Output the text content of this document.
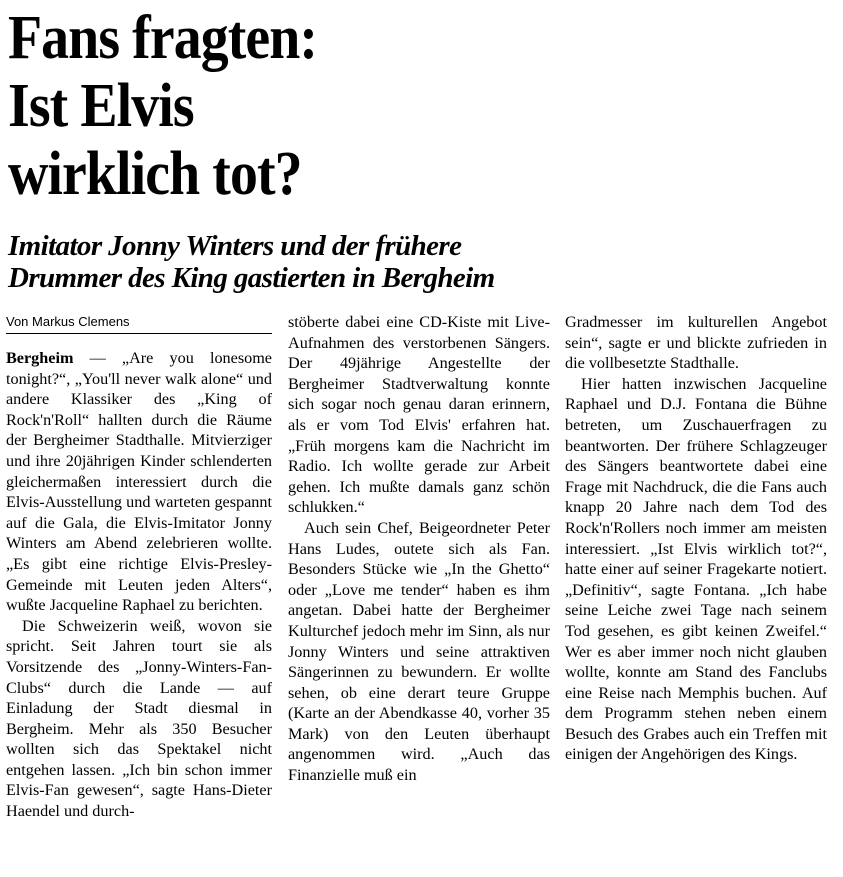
Fans fragten:
Ist Elvis
wirklich tot?
Imitator Jonny Winters und der frühere
Drummer des King gastierten in Bergheim
Von Markus Clemens

Bergheim — „Are you lonesome tonight?“, „You'll never walk alone“ und andere Klassiker des „King of Rock'n'Roll“ hallten durch die Räume der Bergheimer Stadthalle. Mitvierziger und ihre 20jährigen Kinder schlenderten gleichermaßen interessiert durch die Elvis-Ausstellung und warteten gespannt auf die Gala, die Elvis-Imitator Jonny Winters am Abend zelebrieren wollte. „Es gibt eine richtige Elvis-Presley-Gemeinde mit Leuten jeden Alters“, wußte Jacqueline Raphael zu berichten.

Die Schweizerin weiß, wovon sie spricht. Seit Jahren tourt sie als Vorsitzende des „Jonny-Winters-Fan-Clubs“ durch die Lande — auf Einladung der Stadt diesmal in Bergheim. Mehr als 350 Besucher wollten sich das Spektakel nicht entgehen lassen. „Ich bin schon immer Elvis-Fan gewesen“, sagte Hans-Dieter Haendel und durch-

stöberte dabei eine CD-Kiste mit Live-Aufnahmen des verstorbenen Sängers. Der 49jährige Angestellte der Bergheimer Stadtverwaltung konnte sich sogar noch genau daran erinnern, als er vom Tod Elvis' erfahren hat. „Früh morgens kam die Nachricht im Radio. Ich wollte gerade zur Arbeit gehen. Ich mußte damals ganz schön schlukken.“

Auch sein Chef, Beigeordneter Peter Hans Ludes, outete sich als Fan. Besonders Stücke wie „In the Ghetto“ oder „Love me tender“ haben es ihm angetan. Dabei hatte der Bergheimer Kulturchef jedoch mehr im Sinn, als nur Jonny Winters und seine attraktiven Sängerinnen zu bewundern. Er wollte sehen, ob eine derart teure Gruppe (Karte an der Abendkasse 40, vorher 35 Mark) von den Leuten überhaupt angenommen wird. „Auch das Finanzielle muß ein

Gradmesser im kulturellen Angebot sein“, sagte er und blickte zufrieden in die vollbesetzte Stadthalle.

Hier hatten inzwischen Jacqueline Raphael und D.J. Fontana die Bühne betreten, um Zuschauerfragen zu beantworten. Der frühere Schlagzeuger des Sängers beantwortete dabei eine Frage mit Nachdruck, die die Fans auch knapp 20 Jahre nach dem Tod des Rock'n'Rollers noch immer am meisten interessiert. „Ist Elvis wirklich tot?“, hatte einer auf seiner Fragekarte notiert. „Definitiv“, sagte Fontana. „Ich habe seine Leiche zwei Tage nach seinem Tod gesehen, es gibt keinen Zweifel.“ Wer es aber immer noch nicht glauben wollte, konnte am Stand des Fanclubs eine Reise nach Memphis buchen. Auf dem Programm stehen neben einem Besuch des Grabes auch ein Treffen mit einigen der Angehörigen des Kings.
